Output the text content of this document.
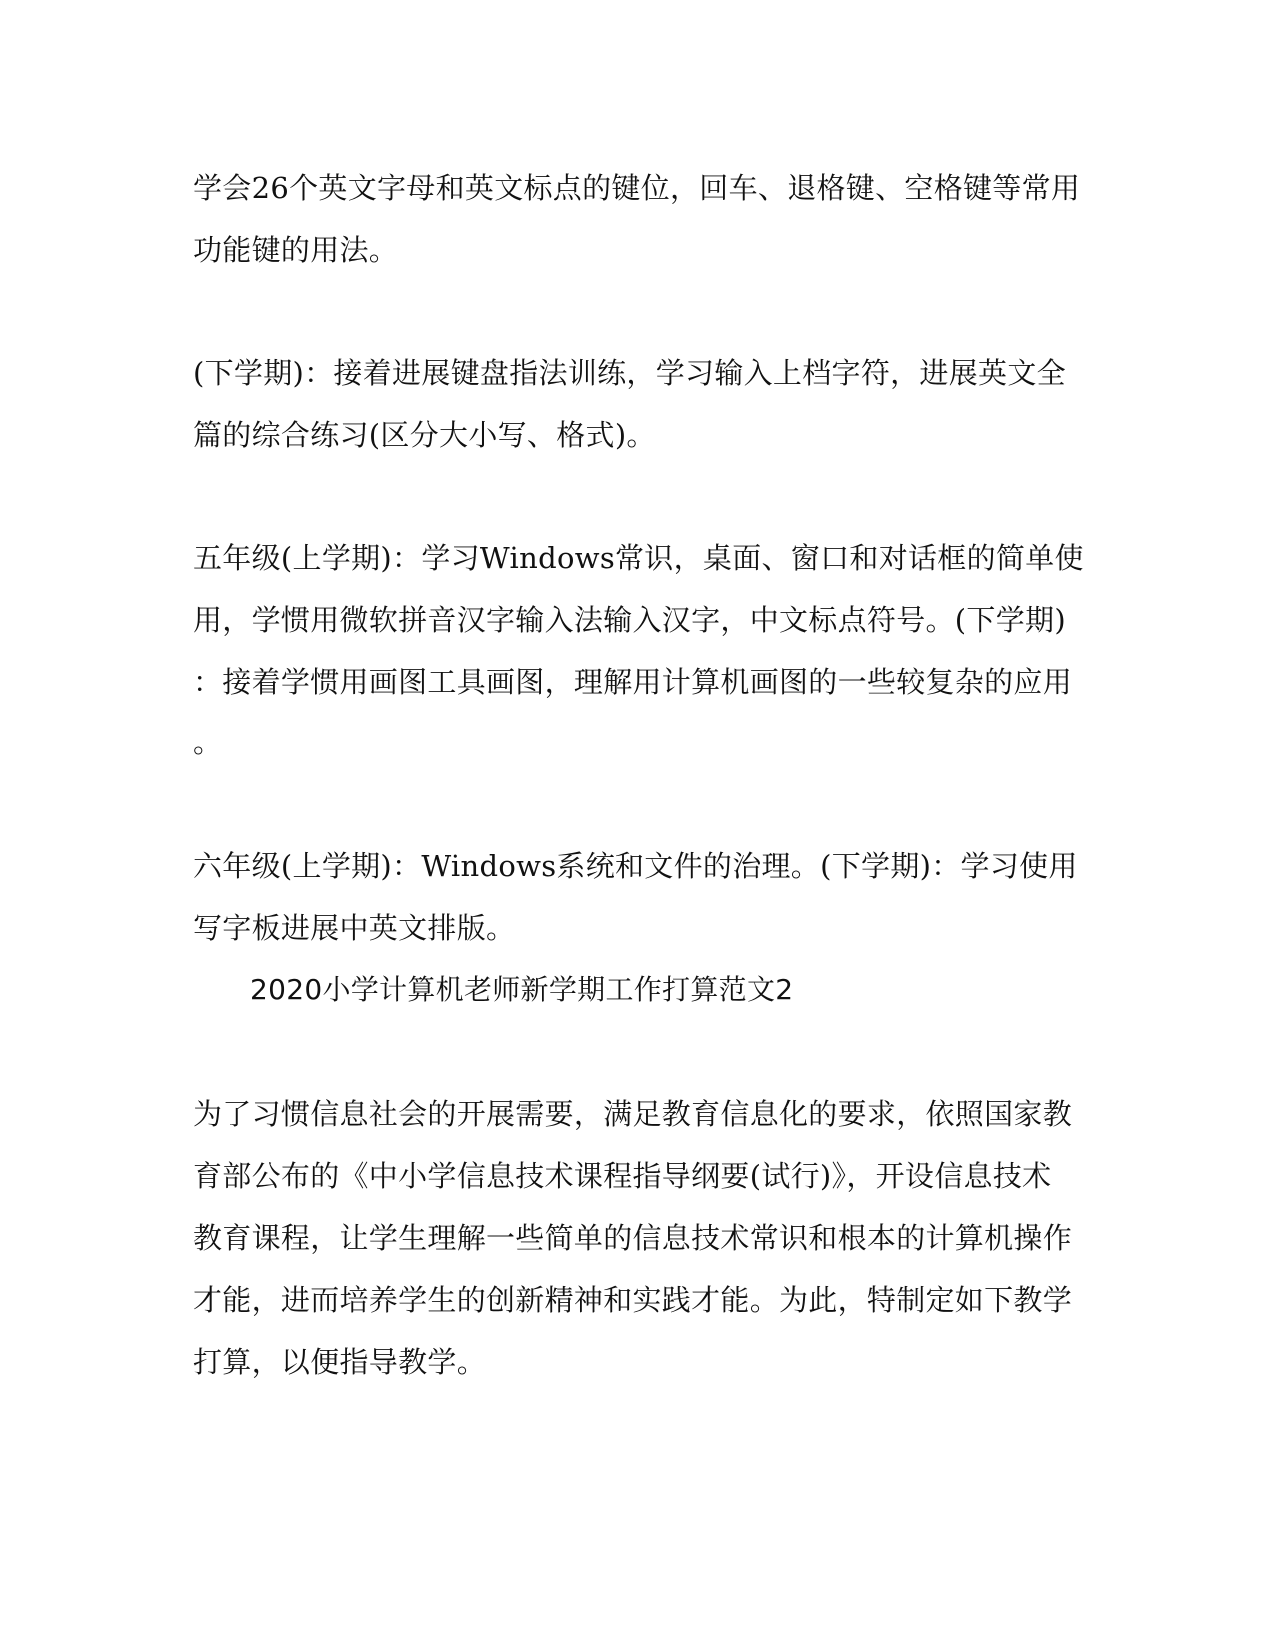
学会26个英文字母和英文标点的键位，回车、退格键、空格键等常用
功能键的用法。
(下学期)：接着进展键盘指法训练，学习输入上档字符，进展英文全
篇的综合练习(区分大小写、格式)。
五年级(上学期)：学习Windows常识，桌面、窗口和对话框的简单使
用，学惯用微软拼音汉字输入法输入汉字，中文标点符号。(下学期)
：接着学惯用画图工具画图，理解用计算机画图的一些较复杂的应用
。
六年级(上学期)：Windows系统和文件的治理。(下学期)：学习使用
写字板进展中英文排版。
2020小学计算机老师新学期工作打算范文2
为了习惯信息社会的开展需要，满足教育信息化的要求，依照国家教
育部公布的《中小学信息技术课程指导纲要(试行)》，开设信息技术
教育课程，让学生理解一些简单的信息技术常识和根本的计算机操作
才能，进而培养学生的创新精神和实践才能。为此，特制定如下教学
打算，以便指导教学。
